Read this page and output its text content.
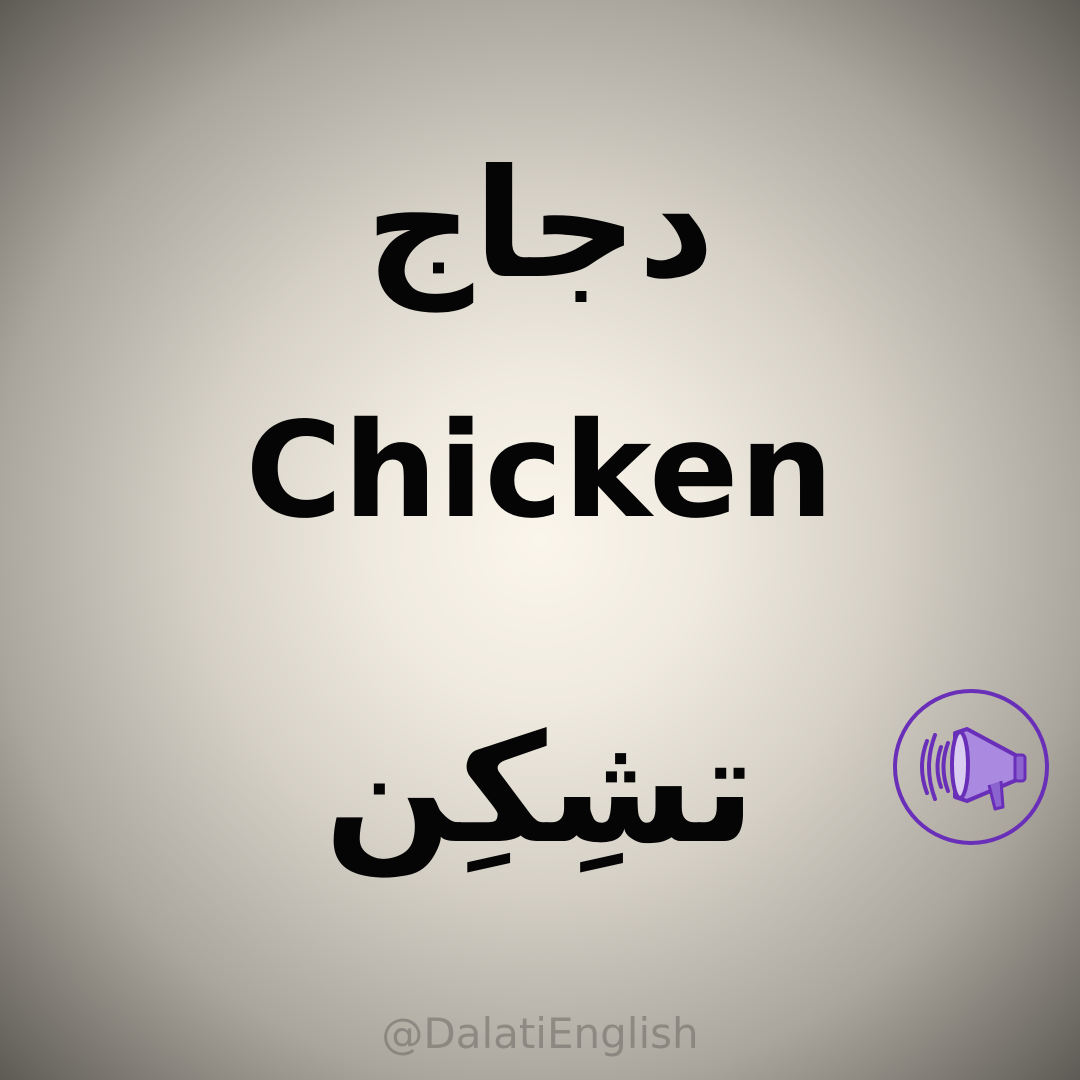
دجاج
Chicken
تشِكِن
@DalatiEnglish
